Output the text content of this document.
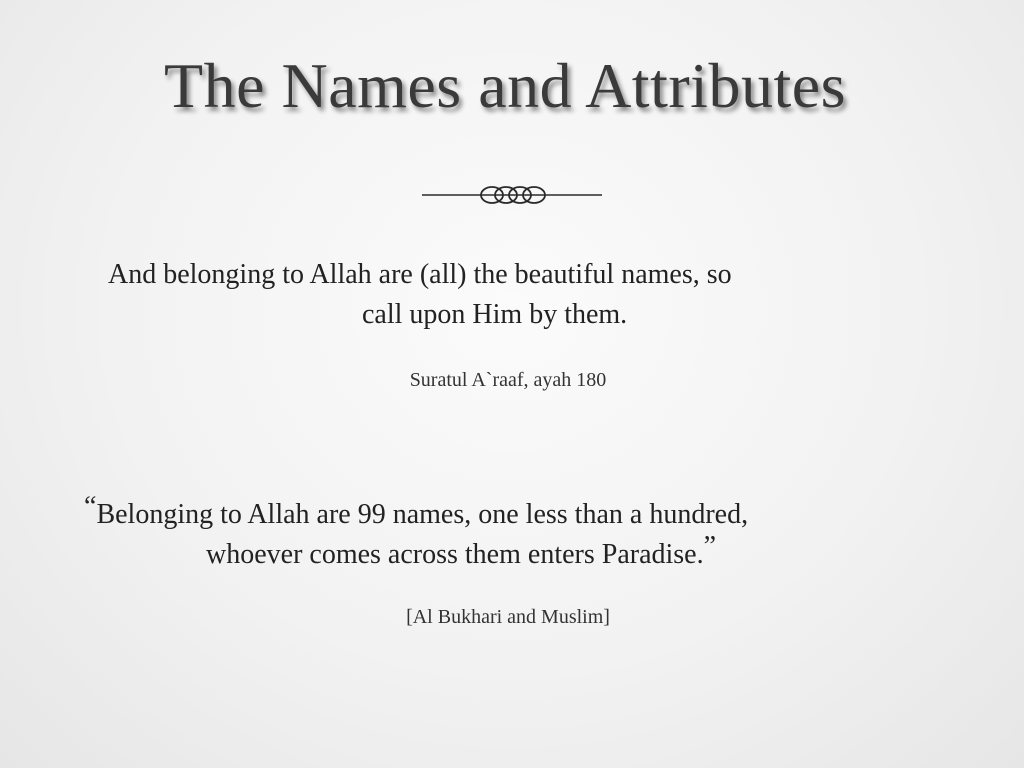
The Names and Attributes
And belonging to Allah are (all) the beautiful names, so
call upon Him by them.
Suratul A`raaf, ayah 180
“Belonging to Allah are 99 names, one less than a hundred,
whoever comes across them enters Paradise.”
[Al Bukhari and Muslim]
